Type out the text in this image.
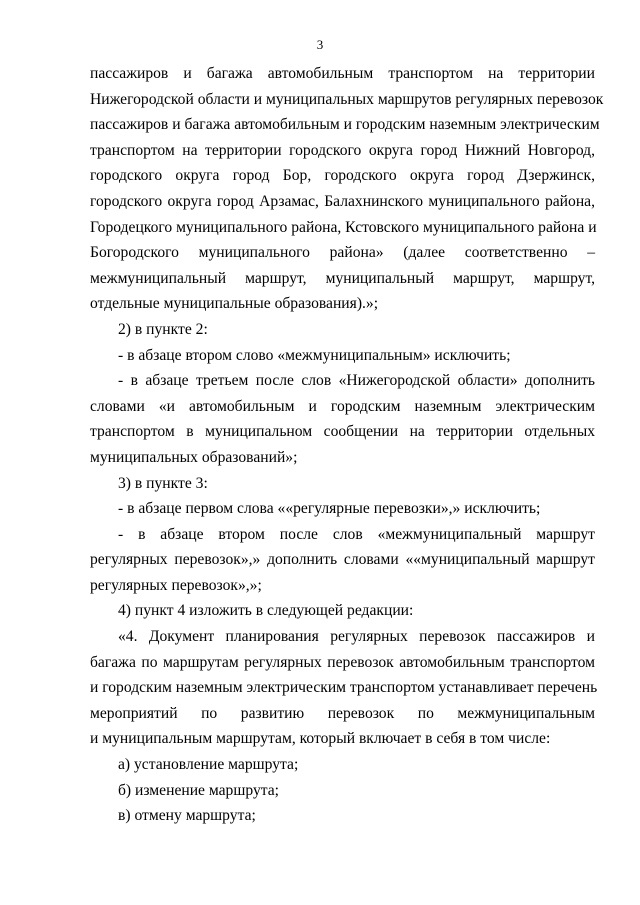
3
пассажиров и багажа автомобильным транспортом на территории
Нижегородской области и муниципальных маршрутов регулярных перевозок
пассажиров и багажа автомобильным и городским наземным электрическим
транспортом на территории городского округа город Нижний Новгород,
городского округа город Бор, городского округа город Дзержинск,
городского округа город Арзамас, Балахнинского муниципального района,
Городецкого муниципального района, Кстовского муниципального района и
Богородского муниципального района» (далее соответственно –
межмуниципальный маршрут, муниципальный маршрут, маршрут,
отдельные муниципальные образования).»;
2) в пункте 2:
- в абзаце втором слово «межмуниципальным» исключить;
- в абзаце третьем после слов «Нижегородской области» дополнить
словами «и автомобильным и городским наземным электрическим
транспортом в муниципальном сообщении на территории отдельных
муниципальных образований»;
3) в пункте 3:
- в абзаце первом слова ««регулярные перевозки»,» исключить;
- в абзаце втором после слов «межмуниципальный маршрут
регулярных перевозок»,» дополнить словами ««муниципальный маршрут
регулярных перевозок»,»;
4) пункт 4 изложить в следующей редакции:
«4. Документ планирования регулярных перевозок пассажиров и
багажа по маршрутам регулярных перевозок автомобильным транспортом
и городским наземным электрическим транспортом устанавливает перечень
мероприятий по развитию перевозок по межмуниципальным
и муниципальным маршрутам, который включает в себя в том числе:
а) установление маршрута;
б) изменение маршрута;
в) отмену маршрута;
